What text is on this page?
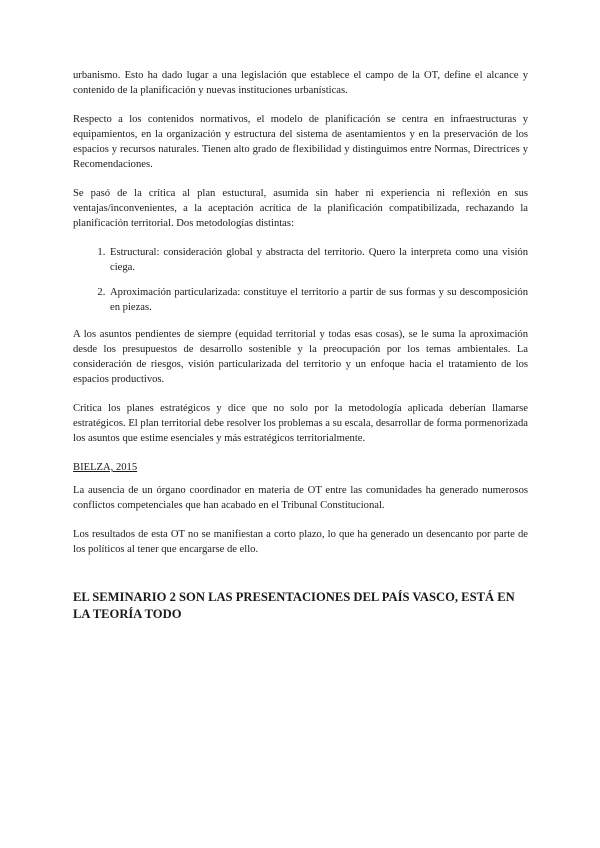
urbanismo. Esto ha dado lugar a una legislación que establece el campo de la OT, define el alcance y contenido de la planificación y nuevas instituciones urbanísticas.

Respecto a los contenidos normativos, el modelo de planificación se centra en infraestructuras y equipamientos, en la organización y estructura del sistema de asentamientos y en la preservación de los espacios y recursos naturales. Tienen alto grado de flexibilidad y distinguimos entre Normas, Directrices y Recomendaciones.

Se pasó de la crítica al plan estuctural, asumida sin haber ni experiencia ni reflexión en sus ventajas/inconvenientes, a la aceptación acrítica de la planificación compatibilizada, rechazando la planificación territorial. Dos metodologías distintas:

1. Estructural: consideración global y abstracta del territorio. Quero la interpreta como una visión ciega.
2. Aproximación particularizada: constituye el territorio a partir de sus formas y su descomposición en piezas.

A los asuntos pendientes de siempre (equidad territorial y todas esas cosas), se le suma la aproximación desde los presupuestos de desarrollo sostenible y la preocupación por los temas ambientales. La consideración de riesgos, visión particularizada del territorio y un enfoque hacia el tratamiento de los espacios productivos.

Critica los planes estratégicos y dice que no solo por la metodología aplicada deberían llamarse estratégicos. El plan territorial debe resolver los problemas a su escala, desarrollar de forma pormenorizada los asuntos que estime esenciales y más estratégicos territorialmente.

BIELZA, 2015

La ausencia de un órgano coordinador en materia de OT entre las comunidades ha generado numerosos conflictos competenciales que han acabado en el Tribunal Constitucional.

Los resultados de esta OT no se manifiestan a corto plazo, lo que ha generado un desencanto por parte de los políticos al tener que encargarse de ello.

EL SEMINARIO 2 SON LAS PRESENTACIONES DEL PAÍS VASCO, ESTÁ EN LA TEORÍA TODO
